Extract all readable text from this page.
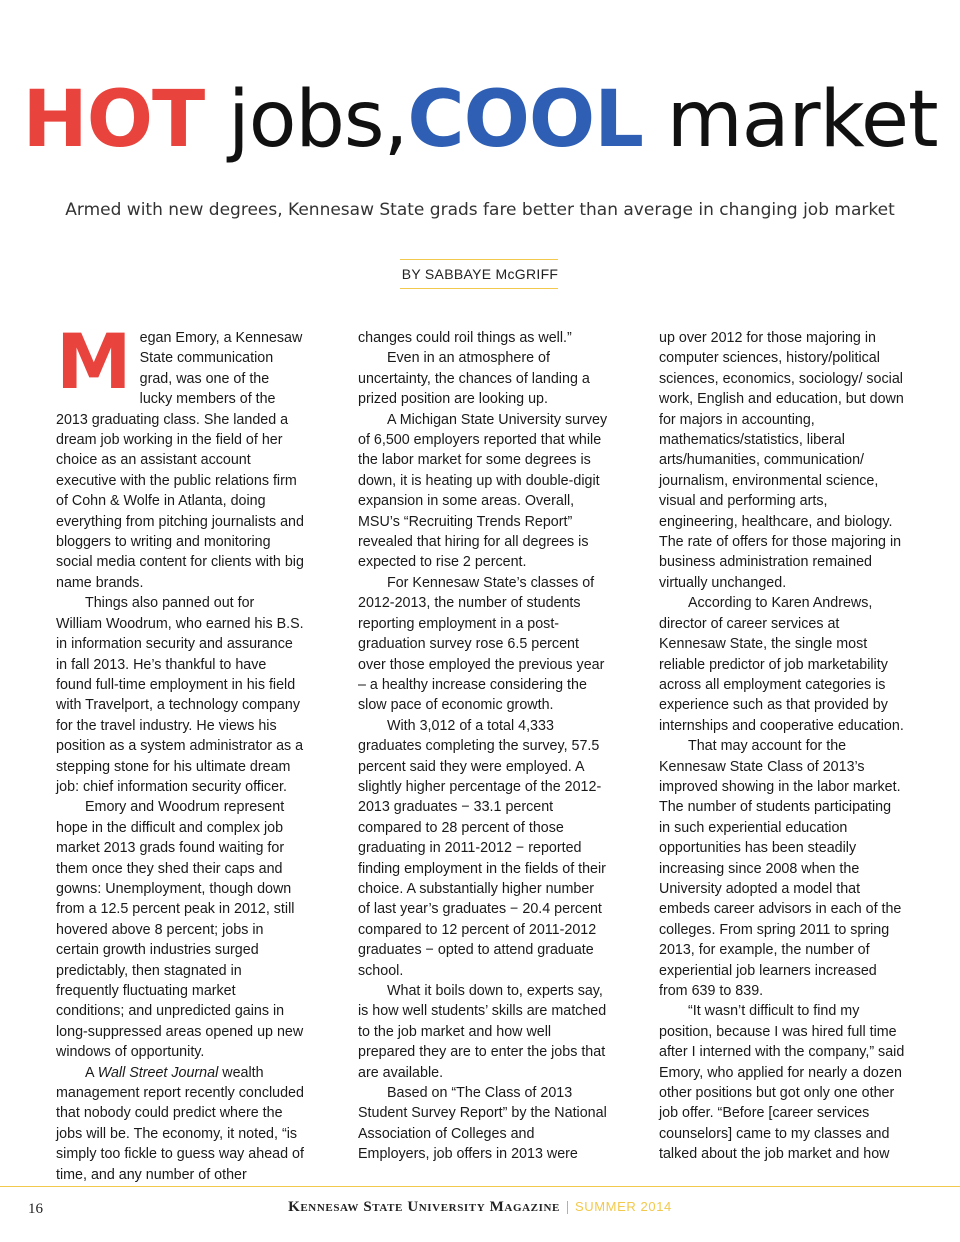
HOT jobs,COOL market
Armed with new degrees, Kennesaw State grads fare better than average in changing job market
BY SABBAYE McGRIFF

Megan Emory, a Kennesaw State communication grad, was one of the lucky members of the 2013 graduating class. She landed a dream job working in the field of her choice as an assistant account executive with the public relations firm of Cohn & Wolfe in Atlanta, doing everything from pitching journalists and bloggers to writing and monitoring social media content for clients with big name brands.

Things also panned out for William Woodrum, who earned his B.S. in information security and assurance in fall 2013. He’s thankful to have found full-time employment in his field with Travelport, a technology company for the travel industry. He views his position as a system administrator as a stepping stone for his ultimate dream job: chief information security officer.

Emory and Woodrum represent hope in the difficult and complex job market 2013 grads found waiting for them once they shed their caps and gowns: Unemployment, though down from a 12.5 percent peak in 2012, still hovered above 8 percent; jobs in certain growth industries surged predictably, then stagnated in frequently fluctuating market conditions; and unpredicted gains in long-suppressed areas opened up new windows of opportunity.

A Wall Street Journal wealth management report recently concluded that nobody could predict where the jobs will be. The economy, it noted, “is simply too fickle to guess way ahead of time, and any number of other

changes could roil things as well.”

Even in an atmosphere of uncertainty, the chances of landing a prized position are looking up.

A Michigan State University survey of 6,500 employers reported that while the labor market for some degrees is down, it is heating up with double-digit expansion in some areas. Overall, MSU’s “Recruiting Trends Report” revealed that hiring for all degrees is expected to rise 2 percent.

For Kennesaw State’s classes of 2012-2013, the number of students reporting employment in a post-graduation survey rose 6.5 percent over those employed the previous year – a healthy increase considering the slow pace of economic growth.

With 3,012 of a total 4,333 graduates completing the survey, 57.5 percent said they were employed. A slightly higher percentage of the 2012-2013 graduates − 33.1 percent compared to 28 percent of those graduating in 2011-2012 − reported finding employment in the fields of their choice. A substantially higher number of last year’s graduates − 20.4 percent compared to 12 percent of 2011-2012 graduates − opted to attend graduate school.

What it boils down to, experts say, is how well students’ skills are matched to the job market and how well prepared they are to enter the jobs that are available.

Based on “The Class of 2013 Student Survey Report” by the National Association of Colleges and Employers, job offers in 2013 were

up over 2012 for those majoring in computer sciences, history/political sciences, economics, sociology/ social work, English and education, but down for majors in accounting, mathematics/statistics, liberal arts/humanities, communication/ journalism, environmental science, visual and performing arts, engineering, healthcare, and biology. The rate of offers for those majoring in business administration remained virtually unchanged.

According to Karen Andrews, director of career services at Kennesaw State, the single most reliable predictor of job marketability across all employment categories is experience such as that provided by internships and cooperative education.

That may account for the Kennesaw State Class of 2013’s improved showing in the labor market. The number of students participating in such experiential education opportunities has been steadily increasing since 2008 when the University adopted a model that embeds career advisors in each of the colleges. From spring 2011 to spring 2013, for example, the number of experiential job learners increased from 639 to 839.

“It wasn’t difficult to find my position, because I was hired full time after I interned with the company,” said Emory, who applied for nearly a dozen other positions but got only one other job offer. “Before [career services counselors] came to my classes and talked about the job market and how

16	Kennesaw State University Magazine | SUMMER 2014
